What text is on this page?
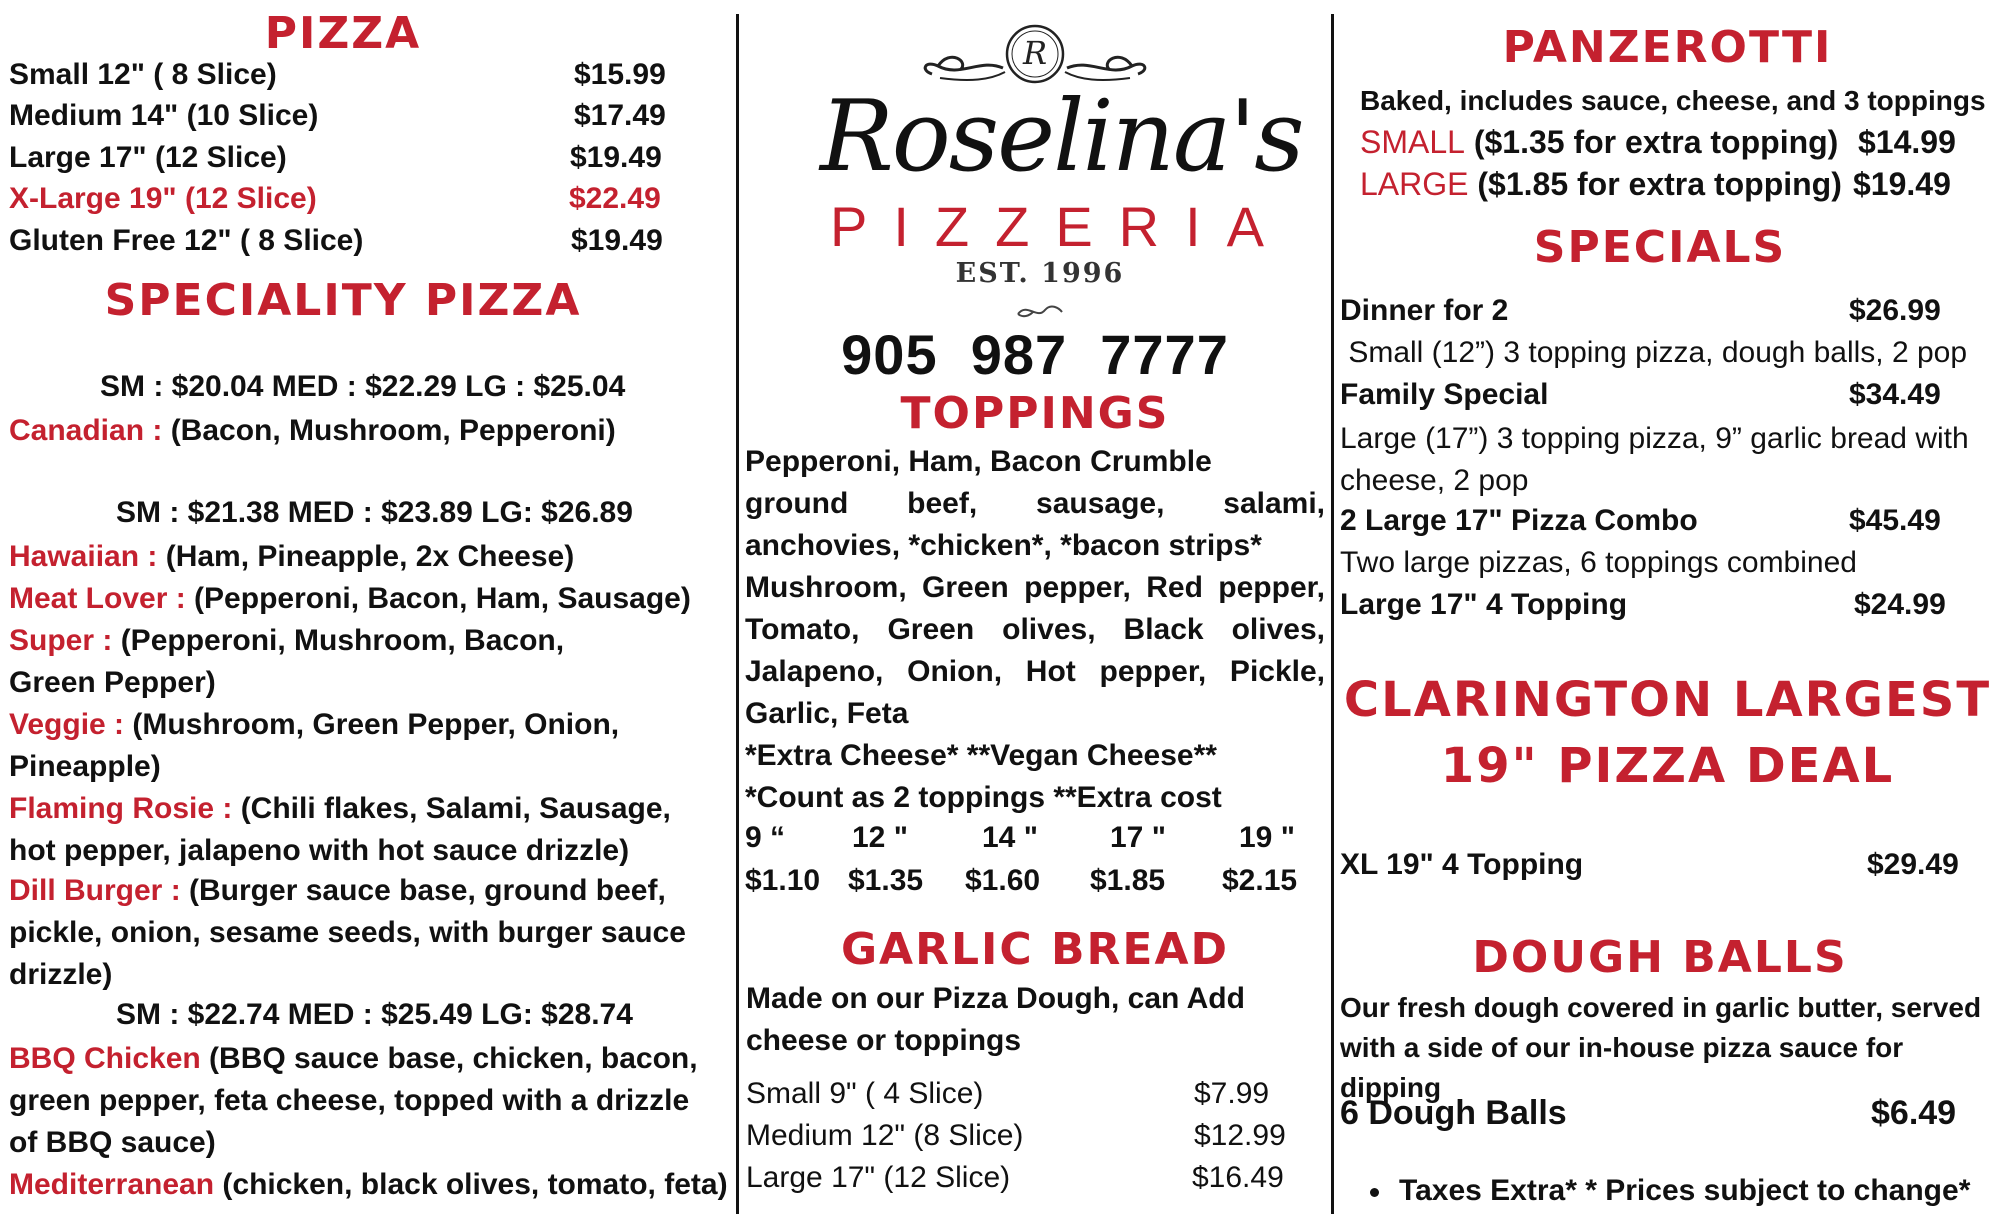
PIZZA
Small 12" ( 8 Slice)	$15.99
Medium 14" (10 Slice)	$17.49
Large 17" (12 Slice)	$19.49
X-Large 19" (12 Slice)	$22.49
Gluten Free 12" ( 8 Slice)	$19.49
SPECIALITY PIZZA
SM : $20.04 MED : $22.29 LG : $25.04
Canadian : (Bacon, Mushroom, Pepperoni)
SM : $21.38 MED : $23.89 LG: $26.89
Hawaiian : (Ham, Pineapple, 2x Cheese)
Meat Lover : (Pepperoni, Bacon, Ham, Sausage)
Super : (Pepperoni, Mushroom, Bacon, Green Pepper)
Veggie : (Mushroom, Green Pepper, Onion, Pineapple)
Flaming Rosie : (Chili flakes, Salami, Sausage, hot pepper, jalapeno with hot sauce drizzle)
Dill Burger : (Burger sauce base, ground beef, pickle, onion, sesame seeds, with burger sauce drizzle)
SM : $22.74 MED : $25.49 LG: $28.74
BBQ Chicken (BBQ sauce base, chicken, bacon, green pepper, feta cheese, topped with a drizzle of BBQ sauce)
Mediterranean (chicken, black olives, tomato, feta)
R
Roselina's
PIZZERIA
EST. 1996
905  987  7777
TOPPINGS
Pepperoni, Ham, Bacon Crumble
ground beef, sausage, salami, anchovies, *chicken*, *bacon strips*
Mushroom, Green pepper, Red pepper, Tomato, Green olives, Black olives, Jalapeno, Onion, Hot pepper, Pickle, Garlic, Feta
*Extra Cheese* **Vegan Cheese**
*Count as 2 toppings **Extra cost
9 “ 12 " 14 " 17 " 19 "
$1.10 $1.35 $1.60 $1.85 $2.15
GARLIC BREAD
Made on our Pizza Dough, can Add cheese or toppings
Small 9" ( 4 Slice)	$7.99
Medium 12" (8 Slice)	$12.99
Large 17" (12 Slice)	$16.49
PANZEROTTI
Baked, includes sauce, cheese, and 3 toppings
SMALL ($1.35 for extra topping) $14.99
LARGE ($1.85 for extra topping) $19.49
SPECIALS
Dinner for 2	$26.99
Small (12”) 3 topping pizza, dough balls, 2 pop
Family Special	$34.49
Large (17”) 3 topping pizza, 9” garlic bread with cheese, 2 pop
2 Large 17" Pizza Combo	$45.49
Two large pizzas, 6 toppings combined
Large 17" 4 Topping	$24.99
CLARINGTON LARGEST
19" PIZZA DEAL
XL 19" 4 Topping	$29.49
DOUGH BALLS
Our fresh dough covered in garlic butter, served with a side of our in-house pizza sauce for dipping
6 Dough Balls	$6.49
Taxes Extra* * Prices subject to change*
